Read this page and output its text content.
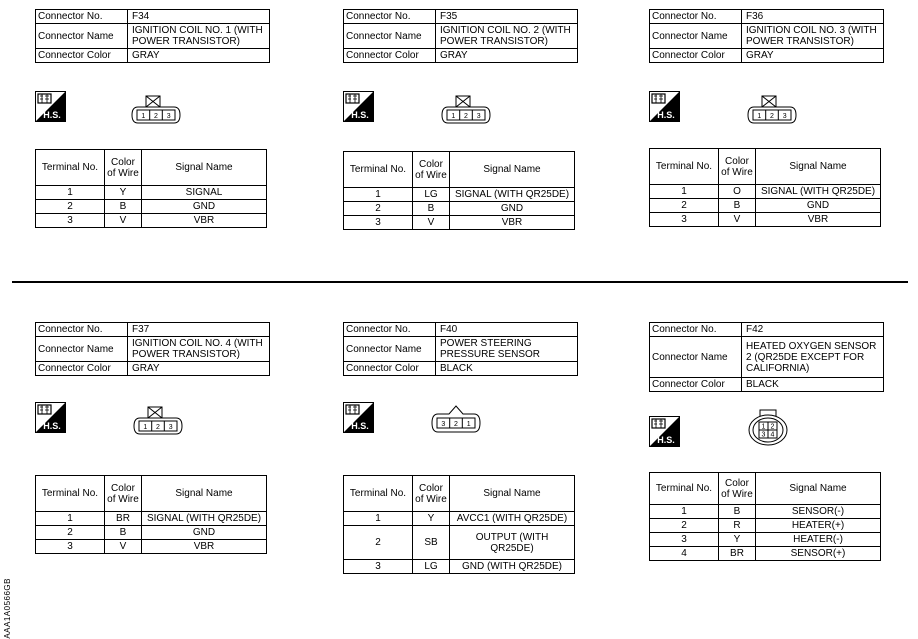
Connector No.	F34
Connector Name	IGNITION COIL NO. 1 (WITH POWER TRANSISTOR)
Connector Color	GRAY
H.S.	1 2 3
Terminal No.	Color of Wire	Signal Name
1	Y	SIGNAL
2	B	GND
3	V	VBR
Connector No.	F35
Connector Name	IGNITION COIL NO. 2 (WITH POWER TRANSISTOR)
Connector Color	GRAY
H.S.	1 2 3
Terminal No.	Color of Wire	Signal Name
1	LG	SIGNAL (WITH QR25DE)
2	B	GND
3	V	VBR
Connector No.	F36
Connector Name	IGNITION COIL NO. 3 (WITH POWER TRANSISTOR)
Connector Color	GRAY
H.S.	1 2 3
Terminal No.	Color of Wire	Signal Name
1	O	SIGNAL (WITH QR25DE)
2	B	GND
3	V	VBR
Connector No.	F37
Connector Name	IGNITION COIL NO. 4 (WITH POWER TRANSISTOR)
Connector Color	GRAY
H.S.	1 2 3
Terminal No.	Color of Wire	Signal Name
1	BR	SIGNAL (WITH QR25DE)
2	B	GND
3	V	VBR
Connector No.	F40
Connector Name	POWER STEERING PRESSURE SENSOR
Connector Color	BLACK
H.S.	3 2 1
Terminal No.	Color of Wire	Signal Name
1	Y	AVCC1 (WITH QR25DE)
2	SB	OUTPUT (WITH QR25DE)
3	LG	GND (WITH QR25DE)
Connector No.	F42
Connector Name	HEATED OXYGEN SENSOR 2 (QR25DE EXCEPT FOR CALIFORNIA)
Connector Color	BLACK
H.S.
1 2
3 4
Terminal No.	Color of Wire	Signal Name
1	B	SENSOR(-)
2	R	HEATER(+)
3	Y	HEATER(-)
4	BR	SENSOR(+)
AAA1A0566GB
